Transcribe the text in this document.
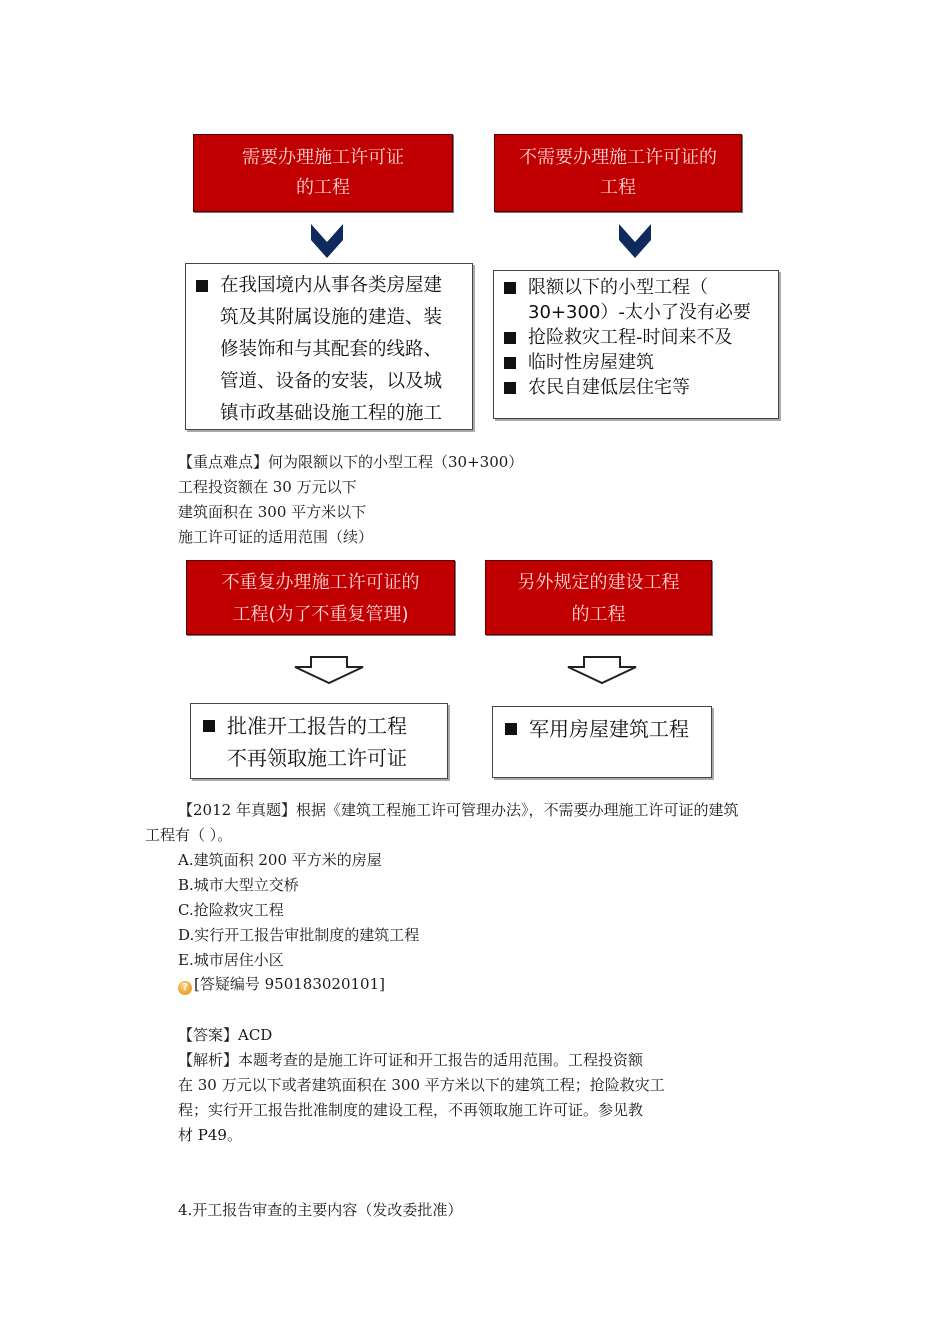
需要办理施工许可证
的工程
不需要办理施工许可证的
工程
在我国境内从事各类房屋建
筑及其附属设施的建造、装
修装饰和与其配套的线路、
管道、设备的安装，以及城
镇市政基础设施工程的施工
限额以下的小型工程（
30+300）-太小了没有必要
抢险救灾工程-时间来不及
临时性房屋建筑
农民自建低层住宅等
【重点难点】何为限额以下的小型工程（30+300）
工程投资额在 30 万元以下
建筑面积在 300 平方米以下
施工许可证的适用范围（续）
不重复办理施工许可证的
工程(为了不重复管理)
另外规定的建设工程
的工程
批准开工报告的工程
不再领取施工许可证
军用房屋建筑工程
【2012 年真题】根据《建筑工程施工许可管理办法》，不需要办理施工许可证的建筑
工程有（ ）。
A.建筑面积 200 平方米的房屋
B.城市大型立交桥
C.抢险救灾工程
D.实行开工报告审批制度的建筑工程
E.城市居住小区
? [答疑编号 950183020101]
【答案】ACD
【解析】本题考查的是施工许可证和开工报告的适用范围。工程投资额
在 30 万元以下或者建筑面积在 300 平方米以下的建筑工程；抢险救灾工
程；实行开工报告批准制度的建设工程，不再领取施工许可证。参见教
材 P49。
4.开工报告审查的主要内容（发改委批准）
